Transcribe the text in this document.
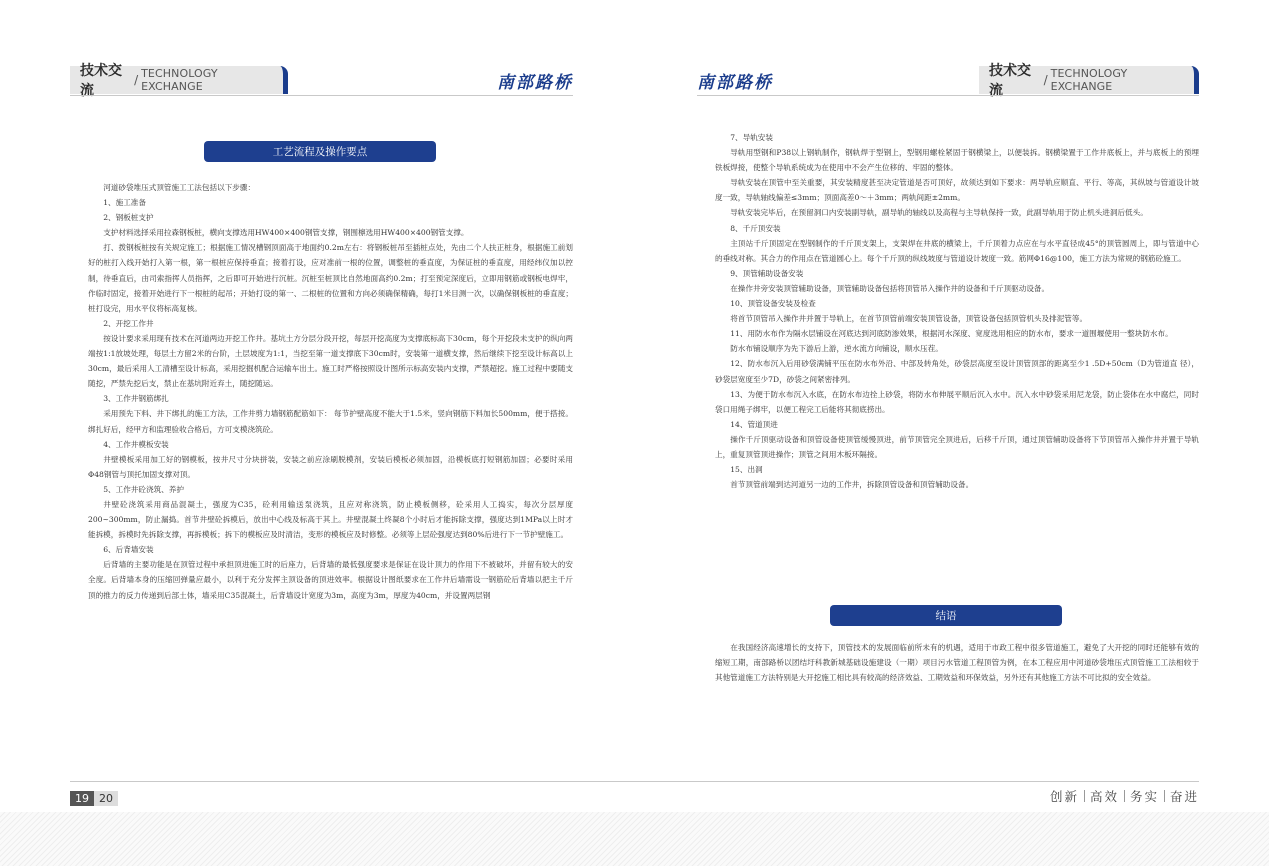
技术交流
/ TECHNOLOGY EXCHANGE	南部路桥
工艺流程及操作要点

河道砂袋堆压式顶管施工工法包括以下步骤：

1、施工准备

2、钢板桩支护

支护材料选择采用拉森钢板桩，横向支撑选用HW400×400钢管支撑，钢围檩选用HW400×400钢管支撑。

打、拨钢板桩按有关规定施工；根据施工情况槽钢顶面高于地面约0.2m左右：将钢板桩吊至插桩点处，先由二个人扶正桩身，根据施工前划好的桩打入线开始打入第一根，第一根桩应保持垂直；接着打设，应对准前一根的位置，调整桩的垂直度，为保证桩的垂直度，用经纬仪加以控制，待垂直后，由司索指挥人员指挥，之后即可开始进行沉桩。沉桩至桩顶比自然地面高约0.2m；打至预定深度后，立即用钢筋或钢板电焊牢，作临时固定，接着开始进行下一根桩的起吊；开始打设的第一、二根桩的位置和方向必须确保精确，每打1米目测一次，以确保钢板桩的垂直度；桩打设完，用水平仪将标高复核。

2、开挖工作井

按设计要求采用现有技术在河道两边开挖工作井。基坑土方分层分段开挖，每层开挖高度为支撑底标高下30cm，每个开挖段未支护的纵向两端按1:1放坡处理，每层土方留2米的台阶，土层坡度为1:1，当挖至第一道支撑底下30cm时，安装第一道横支撑，然后继续下挖至设计标高以上30cm，最后采用人工清槽至设计标高，采用挖掘机配合运输车出土。施工时严格按照设计图所示标高安装内支撑，严禁超挖。施工过程中要随支随挖，严禁先挖后支，禁止在基坑附近弃土，随挖随运。

3、工作井钢筋绑扎

采用预先下料、井下绑扎的施工方法，工作井剪力墙钢筋配筋如下： 每节护壁高度不能大于1.5米，竖向钢筋下料加长500mm，便于搭接。绑扎好后，经甲方和监理验收合格后，方可支模浇筑砼。

4、工作井模板安装

井壁模板采用加工好的钢模板，按井尺寸分块拼装，安装之前应涂刷脱模剂，安装后模板必须加固，沿模板底打短钢筋加固；必要时采用Φ48钢管与顶托加固支撑对顶。

5、工作井砼浇筑、养护

井壁砼浇筑采用商品混凝土，强度为C35，砼利用输送泵浇筑，且应对称浇筑，防止模板侧移，砼采用人工捣实，每次分层厚度200~300mm，防止漏捣。首节井壁砼拆模后，放出中心线及标高于其上。井壁混凝土终凝8个小时后才能拆除支撑，强度达到1MPa以上时才能拆模，拆模时先拆除支撑，再拆模板；拆下的模板应及时清洁，变形的模板应及时修整。必须等上层砼强度达到80%后进行下一节护壁施工。

6、后背墙安装

后背墙的主要功能是在顶管过程中承担顶进施工时的后座力，后背墙的最低强度要求是保证在设计顶力的作用下不被破坏，并留有较大的安全度。后背墙本身的压缩回弹量应最小，以利于充分发挥主顶设备的顶进效率。根据设计图纸要求在工作井后墙需设一钢筋砼后背墙以把主千斤顶的推力的反力传递到后部土体，墙采用C35混凝土，后背墙设计宽度为3m，高度为3m，厚度为40cm，并设置两层钢

南部路桥
技术交流
/ TECHNOLOGY EXCHANGE

7、导轨安装

导轨用型钢和P38以上钢轨制作，钢轨焊于型钢上，型钢用螺栓紧固于钢横梁上，以便装拆。钢横梁置于工作井底板上，并与底板上的预埋铁板焊接，使整个导轨系统成为在使用中不会产生位移的、牢固的整体。

导轨安装在顶管中至关重要，其安装精度甚至决定管道是否可顶好，故须达到如下要求：两导轨应顺直、平行、等高，其纵坡与管道设计坡度一致，导轨轴线偏差≤3mm；顶面高差0～＋3mm；两轨间距±2mm。

导轨安装完毕后，在预留洞口内安装副导轨，副导轨的轴线以及高程与主导轨保持一致，此副导轨用于防止机头进洞后低头。

8、千斤顶安装

主顶站千斤顶固定在型钢制作的千斤顶支架上，支架焊在井底的横梁上，千斤顶着力点应在与水平直径成45°的顶管圆周上，即与管道中心的垂线对称。其合力的作用点在管道圆心上。每个千斤顶的纵线坡度与管道设计坡度一致。筋网Φ16@100，施工方法为常规的钢筋砼施工。

9、顶管辅助设备安装

在操作井旁安装顶管辅助设备，顶管辅助设备包括将顶管吊入操作井的设备和千斤顶驱动设备。

10、顶管设备安装及检查

将首节顶管吊入操作井并置于导轨上，在首节顶管前端安装顶管设备，顶管设备包括顶管机头及排泥管等。

11、用防水布作为隔水层铺设在河底达到河底防渗效果，根据河水深度、宽度选用相应的防水布，要求一道围堰使用一整块防水布。

防水布铺设顺序为先下游后上游，逆水流方向铺设，顺水压茬。

12、防水布沉入后用砂袋满铺平压在防水布外沿、中部及转角处，砂袋层高度至设计顶管顶部的距离至少1 .5D+50cm（D为管道直 径），砂袋层宽度至少7D，砂袋之间紧密排列。

13、为便于防水布沉入水底，在防水布边拴上砂袋，将防水布伸展平顺后沉入水中。沉入水中砂袋采用尼龙袋，防止袋体在水中腐烂，同时袋口用绳子绑牢，以便工程完工后能将其彻底捞出。

14、管道顶进

操作千斤顶驱动设备和顶管设备使顶管缓慢顶进，前节顶管完全顶进后，后移千斤顶，通过顶管辅助设备将下节顶管吊入操作井并置于导轨上，重复顶管顶进操作；顶管之间用木板环隔接。

15、出洞

首节顶管前端到达河道另一边的工作井，拆除顶管设备和顶管辅助设备。

结语

在我国经济高速增长的支持下，顶管技术的发展面临前所未有的机遇，适用于市政工程中很多管道施工，避免了大开挖的同时还能够有效的缩短工期，南部路桥以团结圩科教新城基础设施建设（一期）项目污水管道工程顶管为例，在本工程应用中河道砂袋堆压式顶管施工工法相较于其他管道施工方法特别是大开挖施工相比具有较高的经济效益、工期效益和环保效益，另外还有其他施工方法不可比拟的安全效益。

19 20	创新 高效 务实 奋进
